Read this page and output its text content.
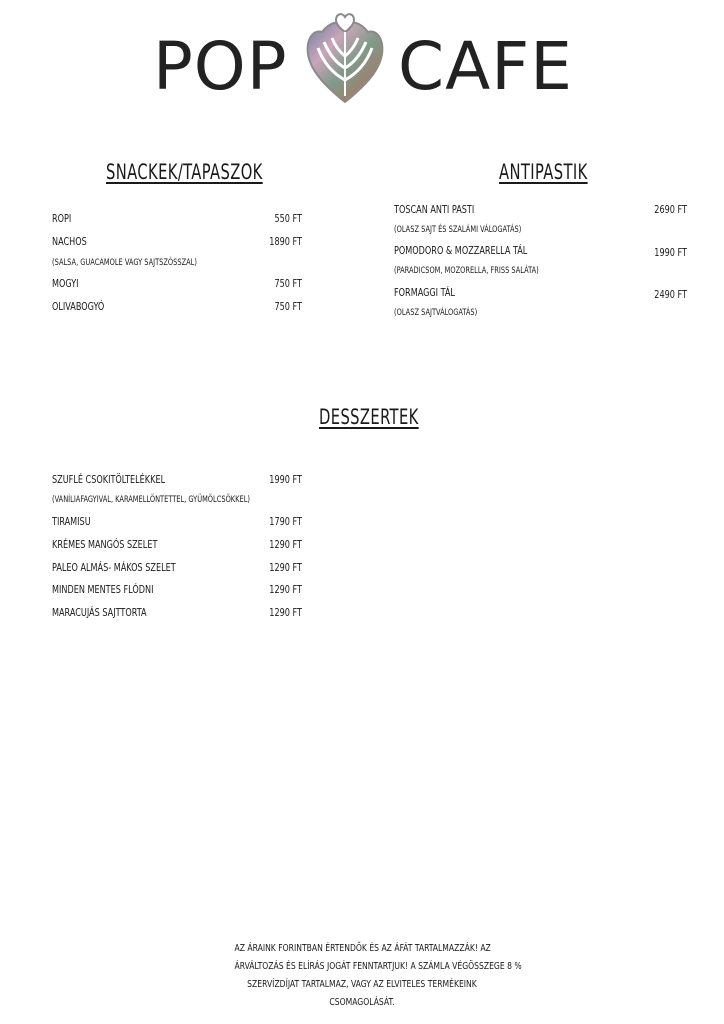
POP CAFE
SNACKEK/TAPASZOK
ROPI	550 FT
NACHOS	1890 FT
(SALSA, GUACAMOLE VAGY SAJTSZÓSSZAL)
MOGYI	750 FT
OLIVABOGYÓ	750 FT
ANTIPASTIK
TOSCAN ANTI PASTI	2690 FT
(OLASZ SAJT ÉS SZALÁMI VÁLOGATÁS)
POMODORO & MOZZARELLA TÁL	1990 FT
(PARADICSOM, MOZORELLA, FRISS SALÁTA)
FORMAGGI TÁL	2490 FT
(OLASZ SAJTVÁLOGATÁS)
DESSZERTEK
SZUFLÉ CSOKITÖLTELÉKKEL	1990 FT
(VANÍLIAFAGYIVAL, KARAMELLÖNTETTEL, GYÜMÖLCSÖKKEL)
TIRAMISU	1790 FT
KRÉMES MANGÓS SZELET	1290 FT
PALEO ALMÁS- MÁKOS SZELET	1290 FT
MINDEN MENTES FLÓDNI	1290 FT
MARACUJÁS SAJTTORTA	1290 FT
AZ ÁRAINK FORINTBAN ÉRTENDŐK ÉS AZ ÁFÁT TARTALMAZZÁK! AZ
ÁRVÁLTOZÁS ÉS ELÍRÁS JOGÁT FENNTARTJUK! A SZÁMLA VÉGÖSSZEGE 8 %
SZERVÍZDÍJAT TARTALMAZ, VAGY AZ ELVITELES TERMÉKEINK
CSOMAGOLÁSÁT.
